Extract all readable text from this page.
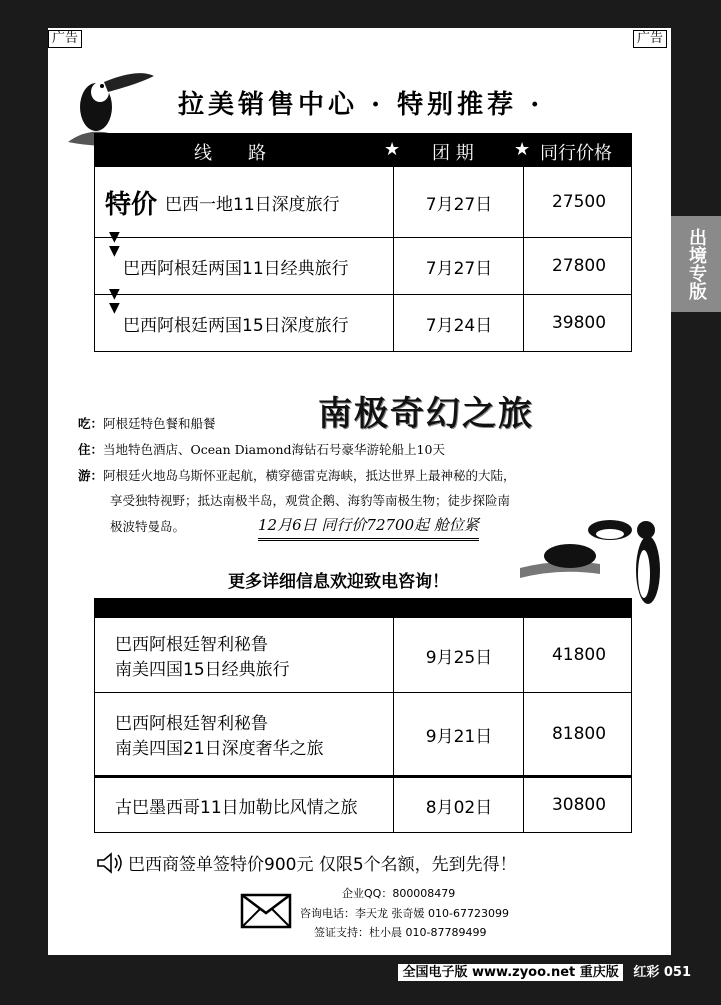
广告	广告
出境专版
拉美销售中心 · 特别推荐 ·
线　　路	★ 团 期 ★ 同行价格
特价 巴西一地11日深度旅行	7月27日	27500
▼
▼
巴西阿根廷两国11日经典旅行	7月27日	27800
▼
▼
巴西阿根廷两国15日深度旅行	7月24日	39800
南极奇幻之旅
吃：阿根廷特色餐和船餐
住：当地特色酒店、Ocean Diamond海钻石号豪华游轮船上10天
游：阿根廷火地岛乌斯怀亚起航，横穿德雷克海峡，抵达世界上最神秘的大陆，
享受独特视野；抵达南极半岛，观赏企鹅、海豹等南极生物；徒步探险南
极波特曼岛。	12月6日 同行价72700起 舱位紧
更多详细信息欢迎致电咨询！
巴西阿根廷智利秘鲁
南美四国15日经典旅行
9月25日	41800
巴西阿根廷智利秘鲁
南美四国21日深度奢华之旅
9月21日	81800
古巴墨西哥11日加勒比风情之旅	8月02日	30800
巴西商签单签特价900元 仅限5个名额，先到先得！
企业QQ：800008479
咨询电话：李天龙 张奇媛 010-67723099
签证支持：杜小晨 010-87789499
全国电子版 www.zyoo.net 重庆版 红彩 051
